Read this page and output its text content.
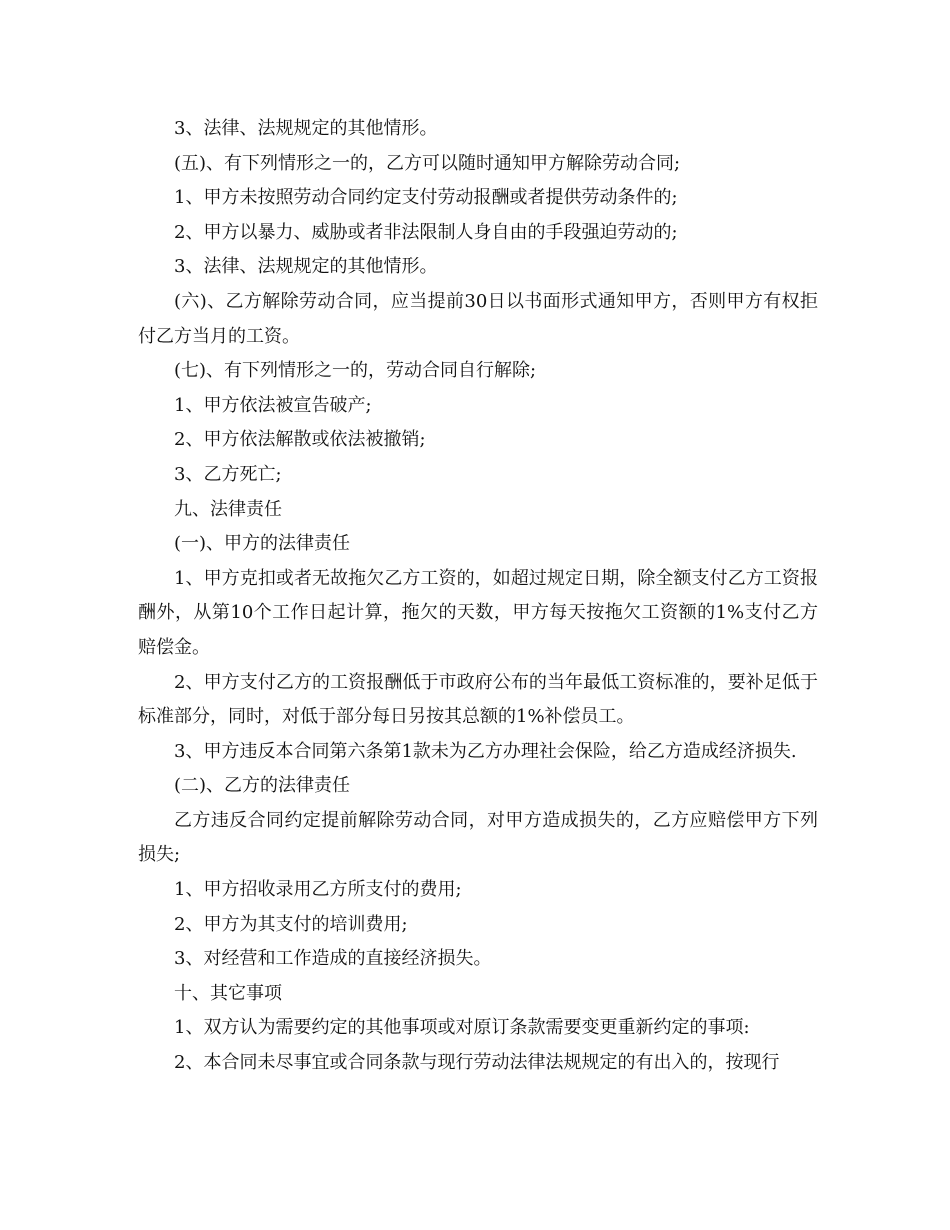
3、法律、法规规定的其他情形。

(五)、有下列情形之一的，乙方可以随时通知甲方解除劳动合同;

1、甲方未按照劳动合同约定支付劳动报酬或者提供劳动条件的;

2、甲方以暴力、威胁或者非法限制人身自由的手段强迫劳动的;

3、法律、法规规定的其他情形。

(六)、乙方解除劳动合同，应当提前30日以书面形式通知甲方，否则甲方有权拒付乙方当月的工资。

(七)、有下列情形之一的，劳动合同自行解除;

1、甲方依法被宣告破产;

2、甲方依法解散或依法被撤销;

3、乙方死亡;

九、法律责任

(一)、甲方的法律责任

1、甲方克扣或者无故拖欠乙方工资的，如超过规定日期，除全额支付乙方工资报酬外，从第10个工作日起计算，拖欠的天数，甲方每天按拖欠工资额的1%支付乙方赔偿金。

2、甲方支付乙方的工资报酬低于市政府公布的当年最低工资标准的，要补足低于标准部分，同时，对低于部分每日另按其总额的1%补偿员工。

3、甲方违反本合同第六条第1款未为乙方办理社会保险，给乙方造成经济损失.

(二)、乙方的法律责任

乙方违反合同约定提前解除劳动合同，对甲方造成损失的，乙方应赔偿甲方下列损失;

1、甲方招收录用乙方所支付的费用;

2、甲方为其支付的培训费用;

3、对经营和工作造成的直接经济损失。

十、其它事项

1、双方认为需要约定的其他事项或对原订条款需要变更重新约定的事项:

2、本合同未尽事宜或合同条款与现行劳动法律法规规定的有出入的，按现行
